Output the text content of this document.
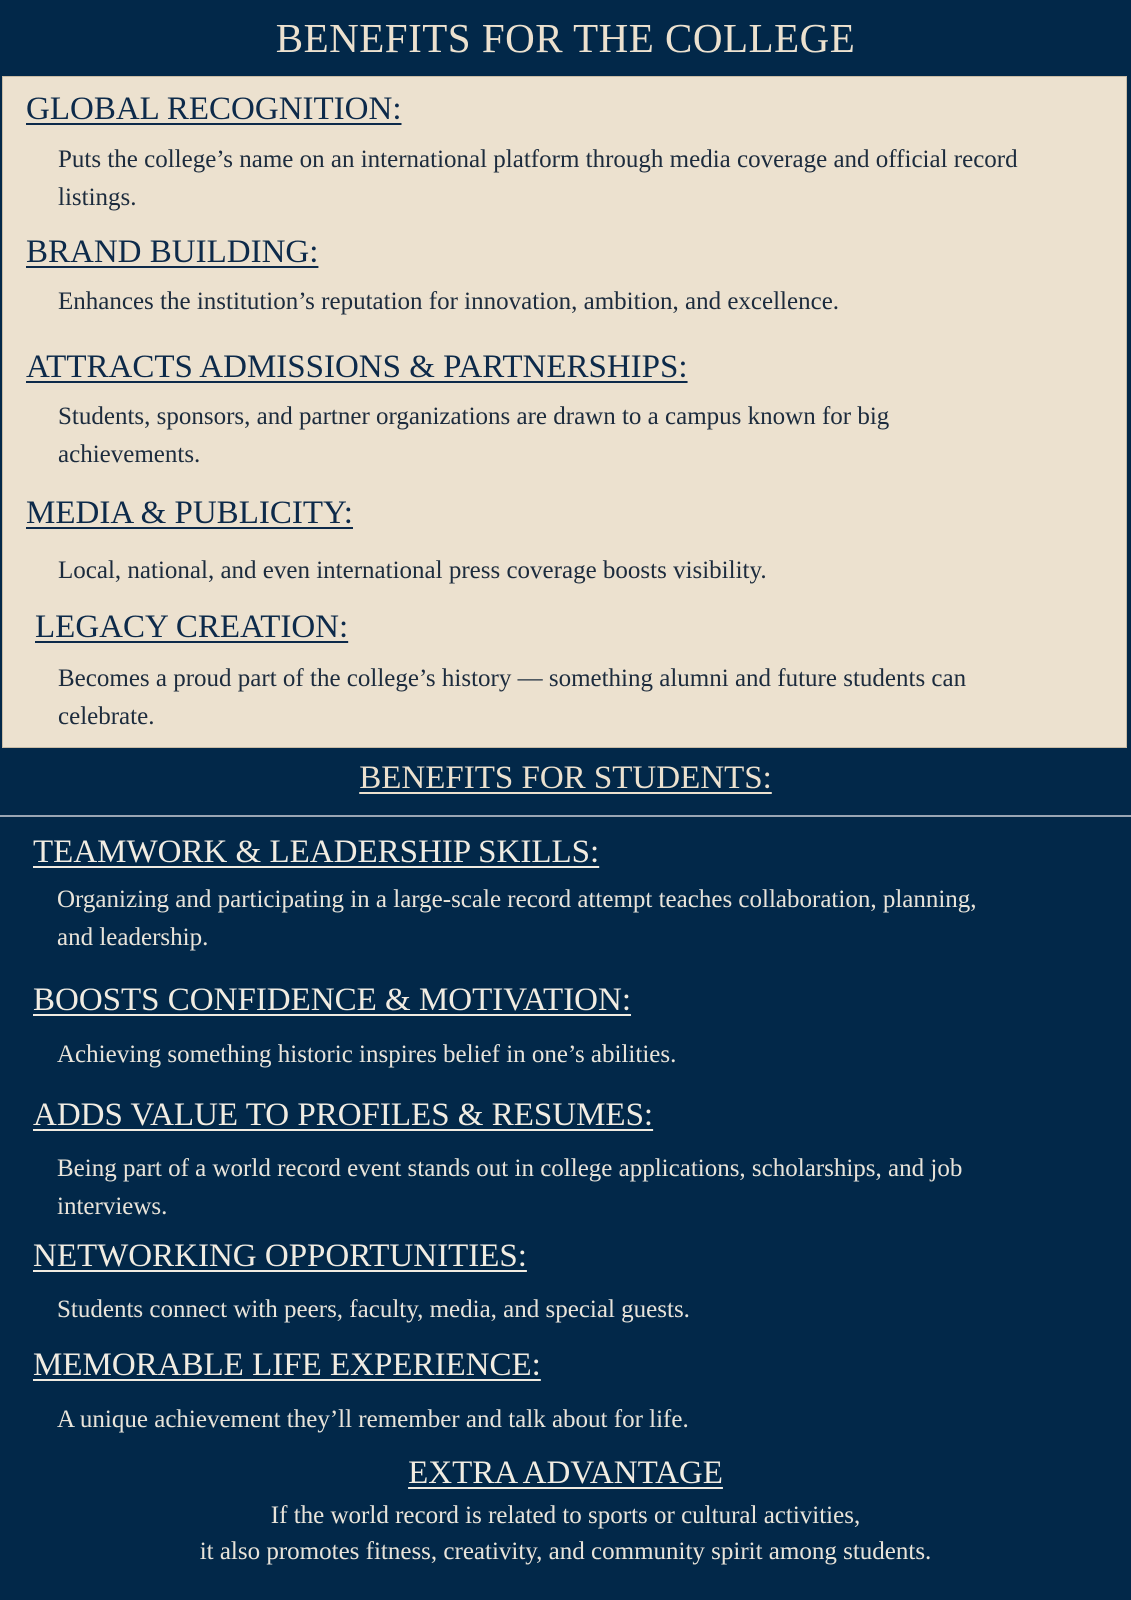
BENEFITS FOR THE COLLEGE
GLOBAL RECOGNITION:

Puts the college’s name on an international platform through media coverage and official record listings.

BRAND BUILDING:

Enhances the institution’s reputation for innovation, ambition, and excellence.

ATTRACTS ADMISSIONS & PARTNERSHIPS:

Students, sponsors, and partner organizations are drawn to a campus known for big achievements.

MEDIA & PUBLICITY:

Local, national, and even international press coverage boosts visibility.

LEGACY CREATION:

Becomes a proud part of the college’s history — something alumni and future students can celebrate.

BENEFITS FOR STUDENTS:
TEAMWORK & LEADERSHIP SKILLS:

Organizing and participating in a large-scale record attempt teaches collaboration, planning, and leadership.

BOOSTS CONFIDENCE & MOTIVATION:

Achieving something historic inspires belief in one’s abilities.

ADDS VALUE TO PROFILES & RESUMES:

Being part of a world record event stands out in college applications, scholarships, and job interviews.

NETWORKING OPPORTUNITIES:

Students connect with peers, faculty, media, and special guests.

MEMORABLE LIFE EXPERIENCE:

A unique achievement they’ll remember and talk about for life.

EXTRA ADVANTAGE

If the world record is related to sports or cultural activities,
it also promotes fitness, creativity, and community spirit among students.
